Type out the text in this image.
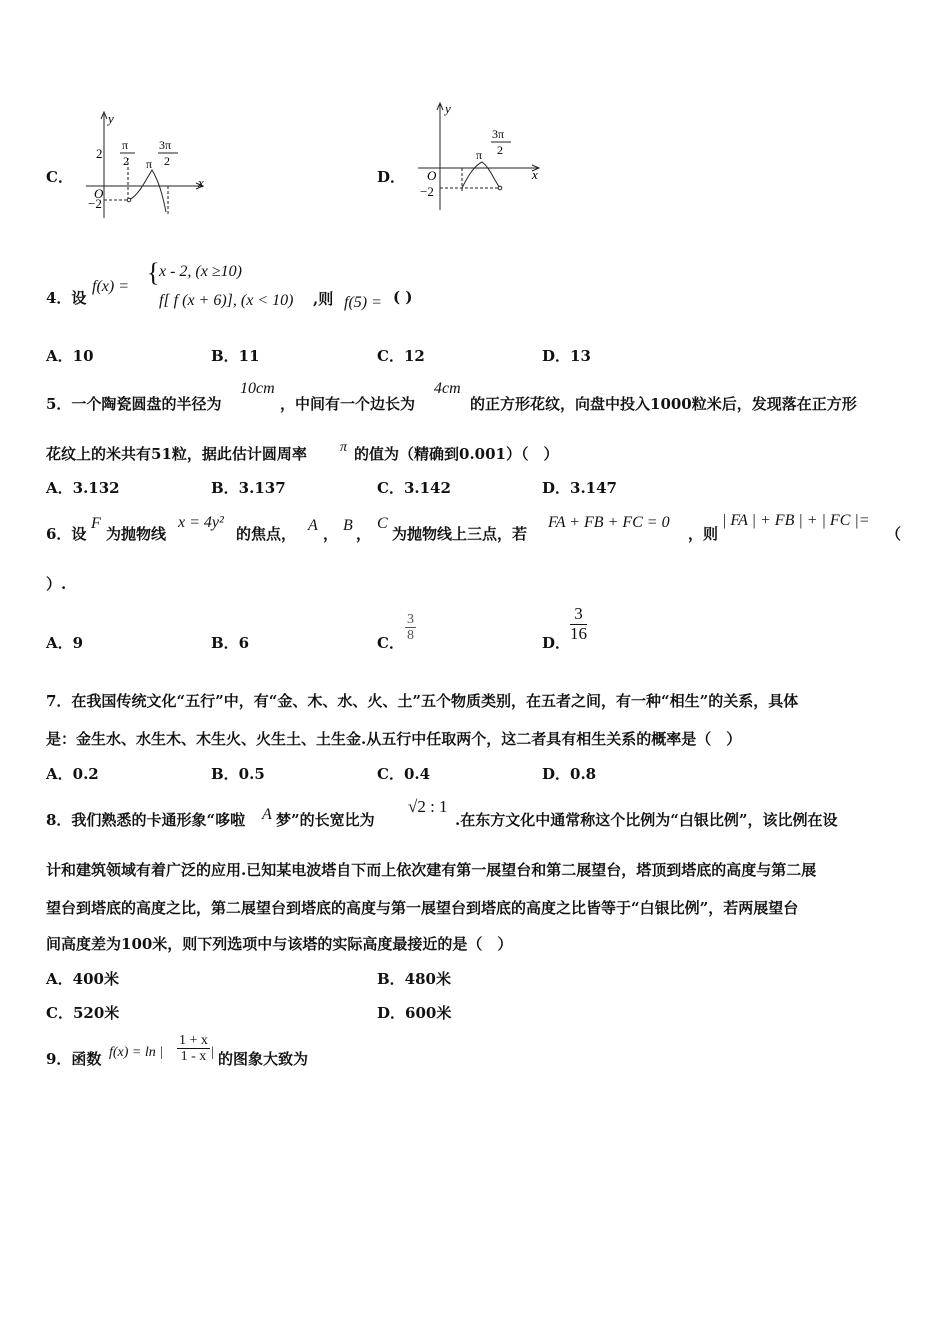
C．
y
x
O
2
−2
π
2 π
3π
2
D．
y
x
O
−2
π
3π
2
4．设
f(x) = { x - 2, (x ≥10)
f[ f (x + 6)], (x < 10) ,则 f(5) = ( )
A．10	B．11	C．12	D．13
5．一个陶瓷圆盘的半径为
10cm
，中间有一个边长为
4cm
的正方形花纹，向盘中投入1000粒米后，发现落在正方形
花纹上的米共有51粒，据此估计圆周率 π 的值为（精确到0.001）（　）
A．3.132	B．3.137	C．3.142	D．3.147
6．设
F
为抛物线
x = 4y²
的焦点， A ， B ，
C
为抛物线上三点，若
FA + FB + FC = 0
，则
| FA | + FB | + | FC |=
（
）.
A．9	B．6	C． $\frac{3}{8}$	D． $\frac{3}{16}$
7．在我国传统文化“五行”中，有“金、木、水、火、土”五个物质类别，在五者之间，有一种“相生”的关系，具体
是：金生水、水生木、木生火、火生土、土生金.从五行中任取两个，这二者具有相生关系的概率是（　）
A．0.2	B．0.5	C．0.4	D．0.8
8．我们熟悉的卡通形象“哆啦 A 梦”的长宽比为
√2 : 1
.在东方文化中通常称这个比例为“白银比例”，该比例在设
计和建筑领域有着广泛的应用.已知某电波塔自下而上依次建有第一展望台和第二展望台，塔顶到塔底的高度与第二展
望台到塔底的高度之比，第二展望台到塔底的高度与第一展望台到塔底的高度之比皆等于“白银比例”，若两展望台
间高度差为100米，则下列选项中与该塔的实际高度最接近的是（　）
A．400米	B．480米
C．520米	D．600米
9．函数 f(x) = ln | $\frac{1 + x}{1 - x}$ | 的图象大致为
